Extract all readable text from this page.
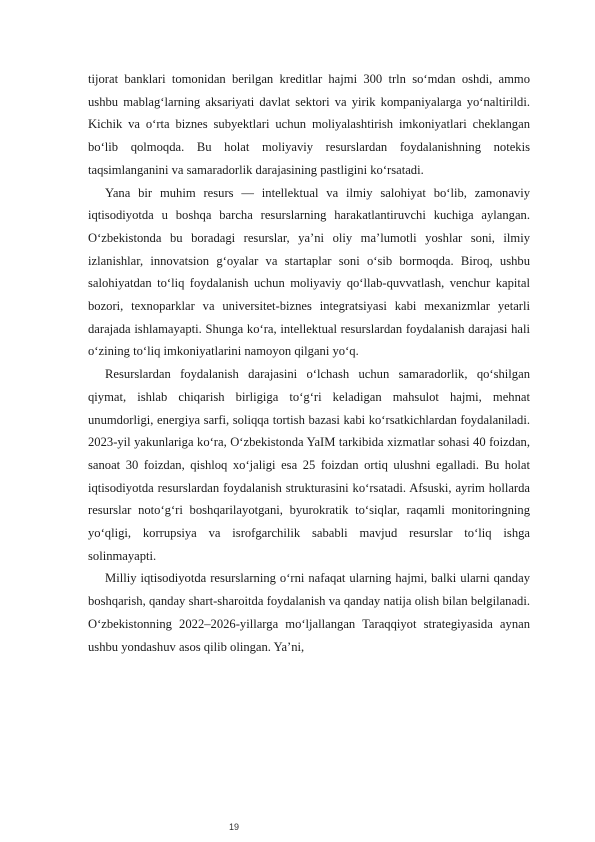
tijorat banklari tomonidan berilgan kreditlar hajmi 300 trln so‘mdan oshdi, ammo ushbu mablag‘larning aksariyati davlat sektori va yirik kompaniyalarga yo‘naltirildi. Kichik va o‘rta biznes subyektlari uchun moliyalashtirish imkoniyatlari cheklangan bo‘lib qolmoqda. Bu holat moliyaviy resurslardan foydalanishning notekis taqsimlanganini va samaradorlik darajasining pastligini ko‘rsatadi.

Yana bir muhim resurs — intellektual va ilmiy salohiyat bo‘lib, zamonaviy iqtisodiyotda u boshqa barcha resurslarning harakatlantiruvchi kuchiga aylangan. O‘zbekistonda bu boradagi resurslar, ya’ni oliy ma’lumotli yoshlar soni, ilmiy izlanishlar, innovatsion g‘oyalar va startaplar soni o‘sib bormoqda. Biroq, ushbu salohiyatdan to‘liq foydalanish uchun moliyaviy qo‘llab-quvvatlash, venchur kapital bozori, texnoparklar va universitet-biznes integratsiyasi kabi mexanizmlar yetarli darajada ishlamayapti. Shunga ko‘ra, intellektual resurslardan foydalanish darajasi hali o‘zining to‘liq imkoniyatlarini namoyon qilgani yo‘q.

Resurslardan foydalanish darajasini o‘lchash uchun samaradorlik, qo‘shilgan qiymat, ishlab chiqarish birligiga to‘g‘ri keladigan mahsulot hajmi, mehnat unumdorligi, energiya sarfi, soliqqa tortish bazasi kabi ko‘rsatkichlardan foydalaniladi. 2023-yil yakunlariga ko‘ra, O‘zbekistonda YaIM tarkibida xizmatlar sohasi 40 foizdan, sanoat 30 foizdan, qishloq xo‘jaligi esa 25 foizdan ortiq ulushni egalladi. Bu holat iqtisodiyotda resurslardan foydalanish strukturasini ko‘rsatadi. Afsuski, ayrim hollarda resurslar noto‘g‘ri boshqarilayotgani, byurokratik to‘siqlar, raqamli monitoringning yo‘qligi, korrupsiya va isrofgarchilik sababli mavjud resurslar to‘liq ishga solinmayapti.

Milliy iqtisodiyotda resurslarning o‘rni nafaqat ularning hajmi, balki ularni qanday boshqarish, qanday shart-sharoitda foydalanish va qanday natija olish bilan belgilanadi. O‘zbekistonning 2022–2026-yillarga mo‘ljallangan Taraqqiyot strategiyasida aynan ushbu yondashuv asos qilib olingan. Ya’ni,

19
